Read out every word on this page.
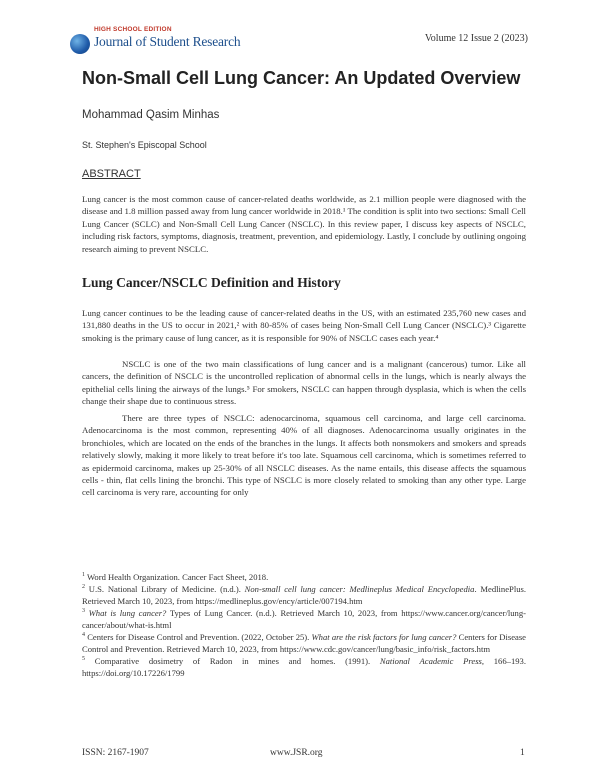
HIGH SCHOOL EDITION
Journal of Student Research	Volume 12 Issue 2 (2023)
Non-Small Cell Lung Cancer: An Updated Overview
Mohammad Qasim Minhas
St. Stephen's Episcopal School
ABSTRACT
Lung cancer is the most common cause of cancer-related deaths worldwide, as 2.1 million people were diagnosed with the disease and 1.8 million passed away from lung cancer worldwide in 2018.¹ The condition is split into two sections: Small Cell Lung Cancer (SCLC) and Non-Small Cell Lung Cancer (NSCLC). In this review paper, I discuss key aspects of NSCLC, including risk factors, symptoms, diagnosis, treatment, prevention, and epidemiology. Lastly, I conclude by outlining ongoing research aiming to prevent NSCLC.
Lung Cancer/NSCLC Definition and History
Lung cancer continues to be the leading cause of cancer-related deaths in the US, with an estimated 235,760 new cases and 131,880 deaths in the US to occur in 2021,² with 80-85% of cases being Non-Small Cell Lung Cancer (NSCLC).³ Cigarette smoking is the primary cause of lung cancer, as it is responsible for 90% of NSCLC cases each year.⁴
NSCLC is one of the two main classifications of lung cancer and is a malignant (cancerous) tumor. Like all cancers, the definition of NSCLC is the uncontrolled replication of abnormal cells in the lungs, which is nearly always the epithelial cells lining the airways of the lungs.⁵ For smokers, NSCLC can happen through dysplasia, which is when the cells change their shape due to continuous stress.
There are three types of NSCLC: adenocarcinoma, squamous cell carcinoma, and large cell carcinoma. Adenocarcinoma is the most common, representing 40% of all diagnoses. Adenocarcinoma usually originates in the bronchioles, which are located on the ends of the branches in the lungs. It affects both nonsmokers and smokers and spreads relatively slowly, making it more likely to treat before it's too late. Squamous cell carcinoma, which is sometimes referred to as epidermoid carcinoma, makes up 25-30% of all NSCLC diseases. As the name entails, this disease affects the squamous cells - thin, flat cells lining the bronchi. This type of NSCLC is more closely related to smoking than any other type. Large cell carcinoma is very rare, accounting for only
$^1$ Word Health Organization. Cancer Fact Sheet, 2018.
$^2$ U.S. National Library of Medicine. (n.d.). Non-small cell lung cancer: Medlineplus Medical Encyclopedia. MedlinePlus. Retrieved March 10, 2023, from https://medlineplus.gov/ency/article/007194.htm
$^3$ What is lung cancer? Types of Lung Cancer. (n.d.). Retrieved March 10, 2023, from https://www.cancer.org/cancer/lung-cancer/about/what-is.html
$^4$ Centers for Disease Control and Prevention. (2022, October 25). What are the risk factors for lung cancer? Centers for Disease Control and Prevention. Retrieved March 10, 2023, from https://www.cdc.gov/cancer/lung/basic_info/risk_factors.htm
$^5$ Comparative dosimetry of Radon in mines and homes. (1991). National Academic Press, 166–193. https://doi.org/10.17226/1799
ISSN: 2167-1907	www.JSR.org	1
